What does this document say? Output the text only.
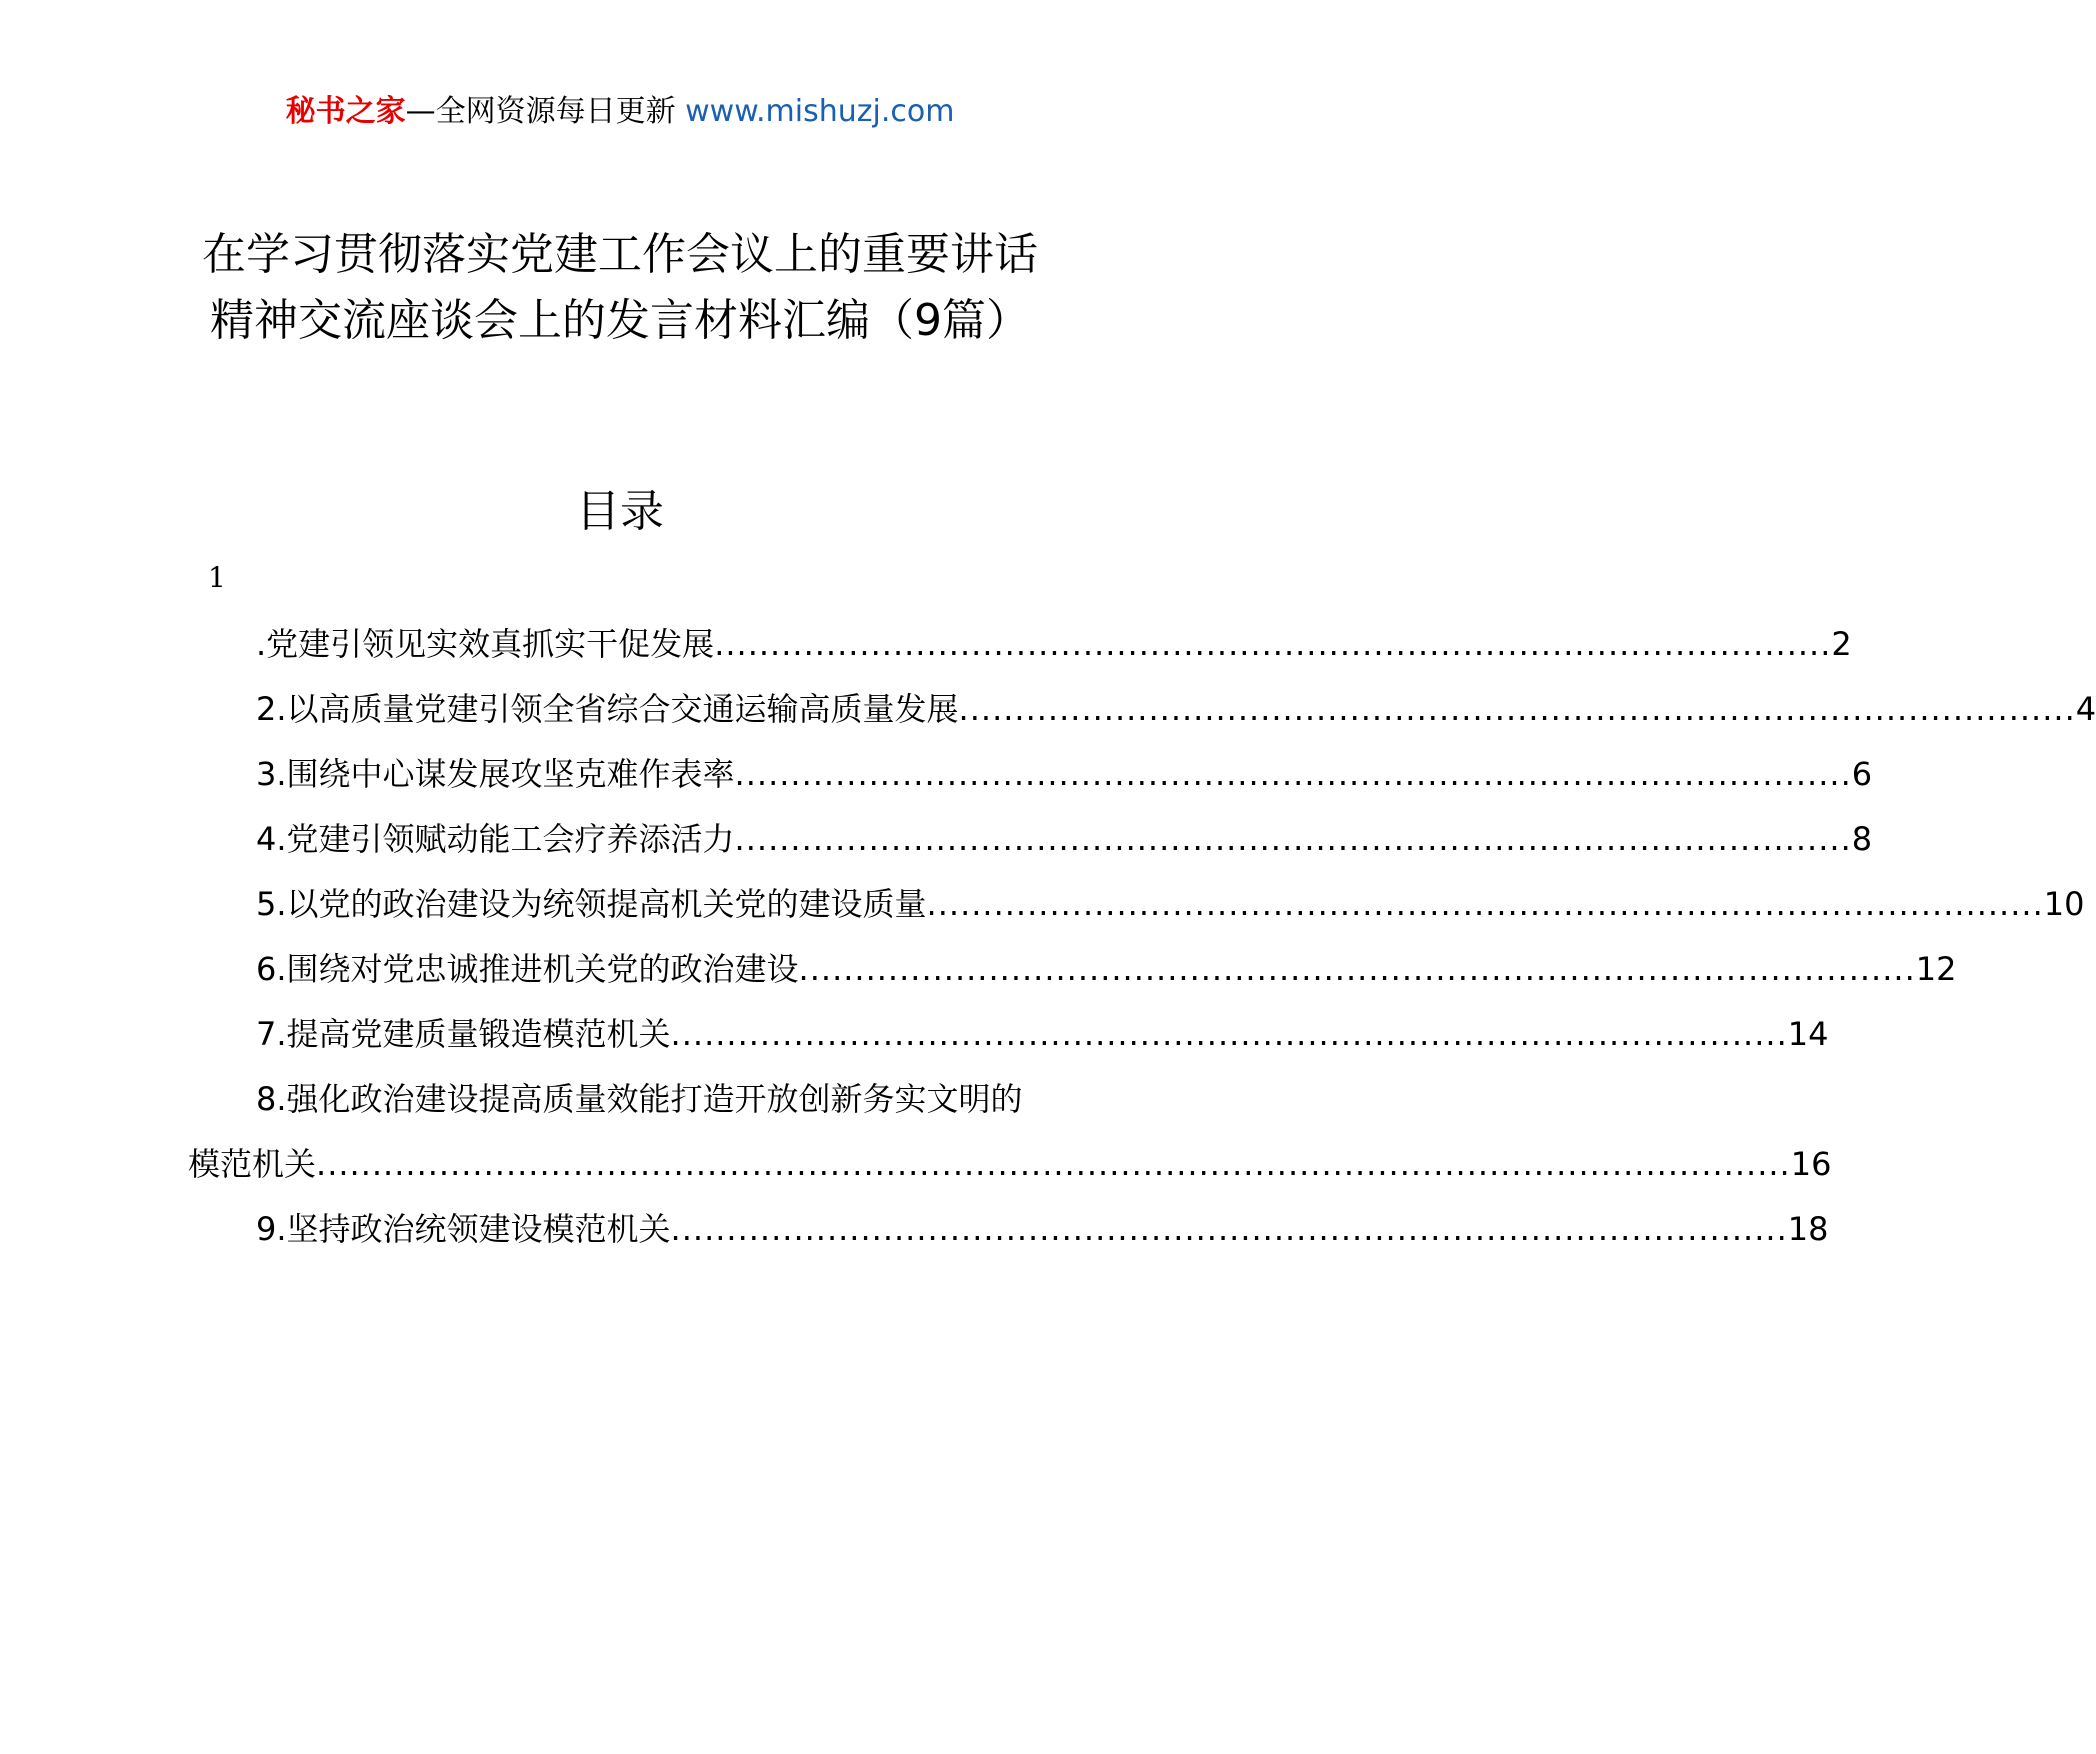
秘书之家—全网资源每日更新 www.mishuzj.com
在学习贯彻落实党建工作会议上的重要讲话精神交流座谈会上的发言材料汇编（9篇）
目录
1
.党建引领见实效真抓实干促发展 .................................................................................................... 2
2.以高质量党建引领全省综合交通运输高质量发展 .................................................................................................... 4
3.围绕中心谋发展攻坚克难作表率 .................................................................................................... 6
4.党建引领赋动能工会疗养添活力 .................................................................................................... 8
5.以党的政治建设为统领提高机关党的建设质量 .................................................................................................... 10
6.围绕对党忠诚推进机关党的政治建设 .................................................................................................... 12
7.提高党建质量锻造模范机关 .................................................................................................... 14
8.强化政治建设提高质量效能打造开放创新务实文明的
模范机关 .................................................................................................................................... 16
9.坚持政治统领建设模范机关 .................................................................................................... 18
